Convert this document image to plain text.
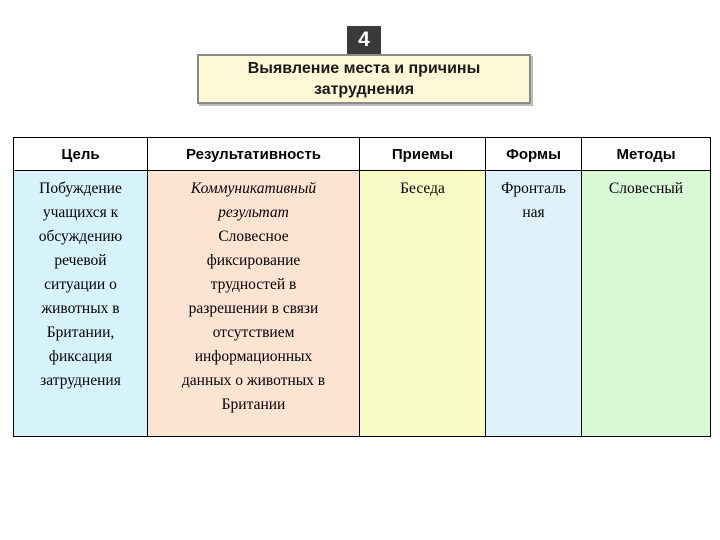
4
Выявление места и причины
затруднения
Цель
Побуждение
учащихся к
обсуждению
речевой
ситуации о
животных в
Британии,
фиксация
затруднения
Результативность
Коммуникативный
результат
Словесное
фиксирование
трудностей в
разрешении в связи
отсутствием
информационных
данных о животных в
Британии
Приемы
Беседа
Формы
Фронталь
ная
Методы
Словесный
